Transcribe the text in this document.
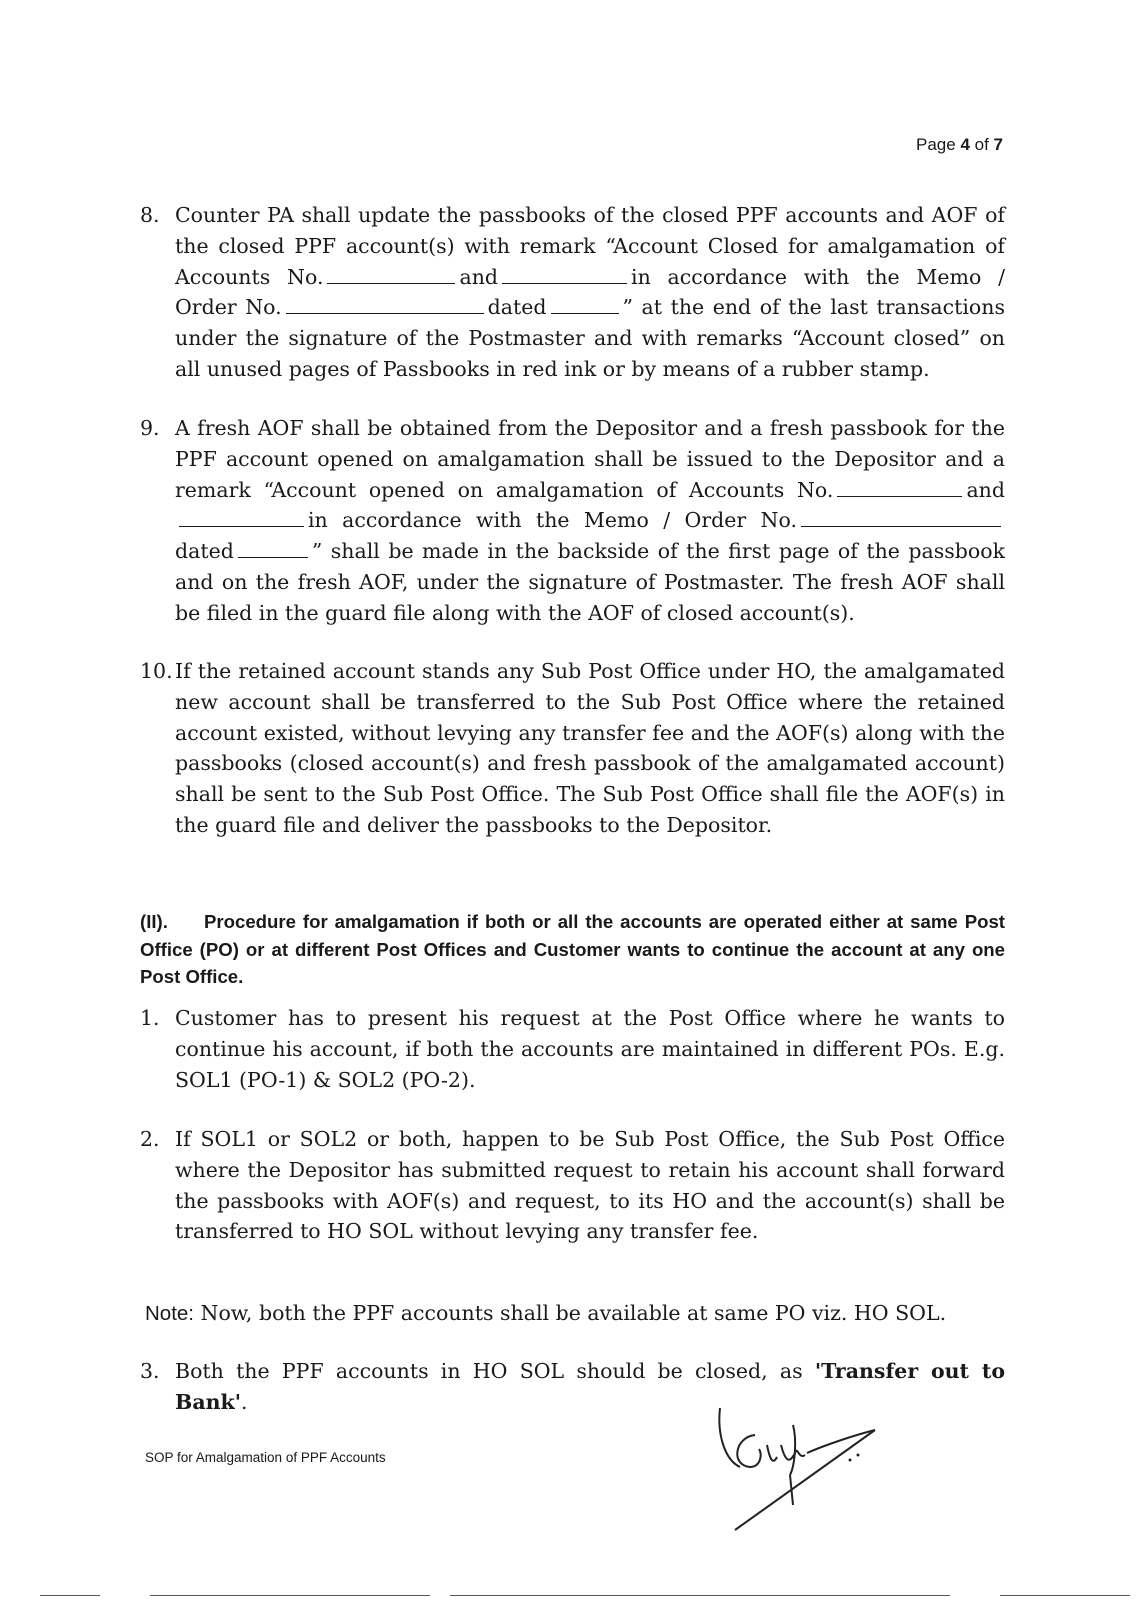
Page 4 of 7
8. Counter PA shall update the passbooks of the closed PPF accounts and AOF of the closed PPF account(s) with remark “Account Closed for amalgamation of Accounts No.	and	in accordance with the Memo / Order No.	dated	” at the end of the last transactions under the signature of the Postmaster and with remarks “Account closed” on all unused pages of Passbooks in red ink or by means of a rubber stamp.
9. A fresh AOF shall be obtained from the Depositor and a fresh passbook for the PPF account opened on amalgamation shall be issued to the Depositor and a remark “Account opened on amalgamation of Accounts No.	andin accordance with the Memo / Order No.dated	” shall be made in the backside of the first page of the passbook and on the fresh AOF, under the signature of Postmaster. The fresh AOF shall be filed in the guard file along with the AOF of closed account(s).
10. If the retained account stands any Sub Post Office under HO, the amalgamated new account shall be transferred to the Sub Post Office where the retained account existed, without levying any transfer fee and the AOF(s) along with the passbooks (closed account(s) and fresh passbook of the amalgamated account) shall be sent to the Sub Post Office. The Sub Post Office shall file the AOF(s) in the guard file and deliver the passbooks to the Depositor.
(II). Procedure for amalgamation if both or all the accounts are operated either at same Post Office (PO) or at different Post Offices and Customer wants to continue the account at any one Post Office.
1. Customer has to present his request at the Post Office where he wants to continue his account, if both the accounts are maintained in different POs. E.g. SOL1 (PO-1) & SOL2 (PO-2).
2. If SOL1 or SOL2 or both, happen to be Sub Post Office, the Sub Post Office where the Depositor has submitted request to retain his account shall forward the passbooks with AOF(s) and request, to its HO and the account(s) shall be transferred to HO SOL without levying any transfer fee.
Note: Now, both the PPF accounts shall be available at same PO viz. HO SOL.
3. Both the PPF accounts in HO SOL should be closed, as 'Transfer out to Bank'.
SOP for Amalgamation of PPF Accounts
